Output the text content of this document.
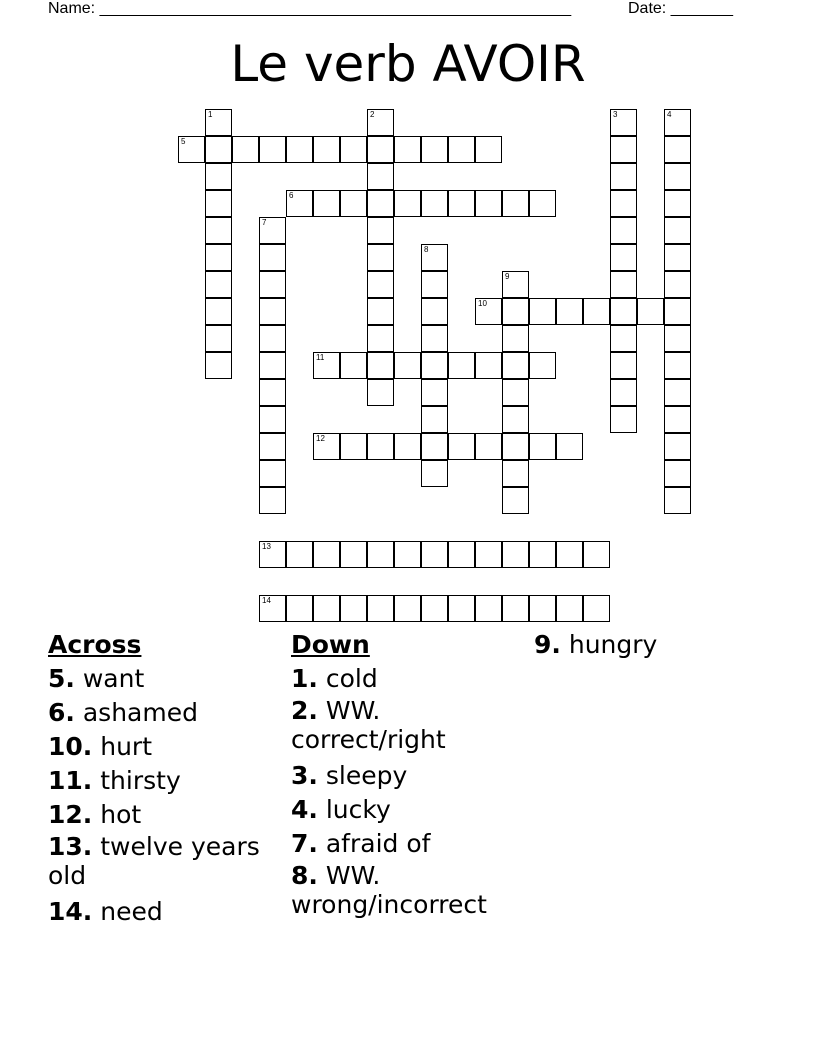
Name: _____________________________________________________	Date: _______
Le verb AVOIR
5
6
10
11
12
13
14
1	2	3	4
7
8
9

Across

5. want

6. ashamed

10. hurt

11. thirsty

12. hot

13. twelve years old

14. need

Down

1. cold

2. WW. correct/right

3. sleepy

4. lucky

7. afraid of

8. WW. wrong/incorrect

9. hungry
